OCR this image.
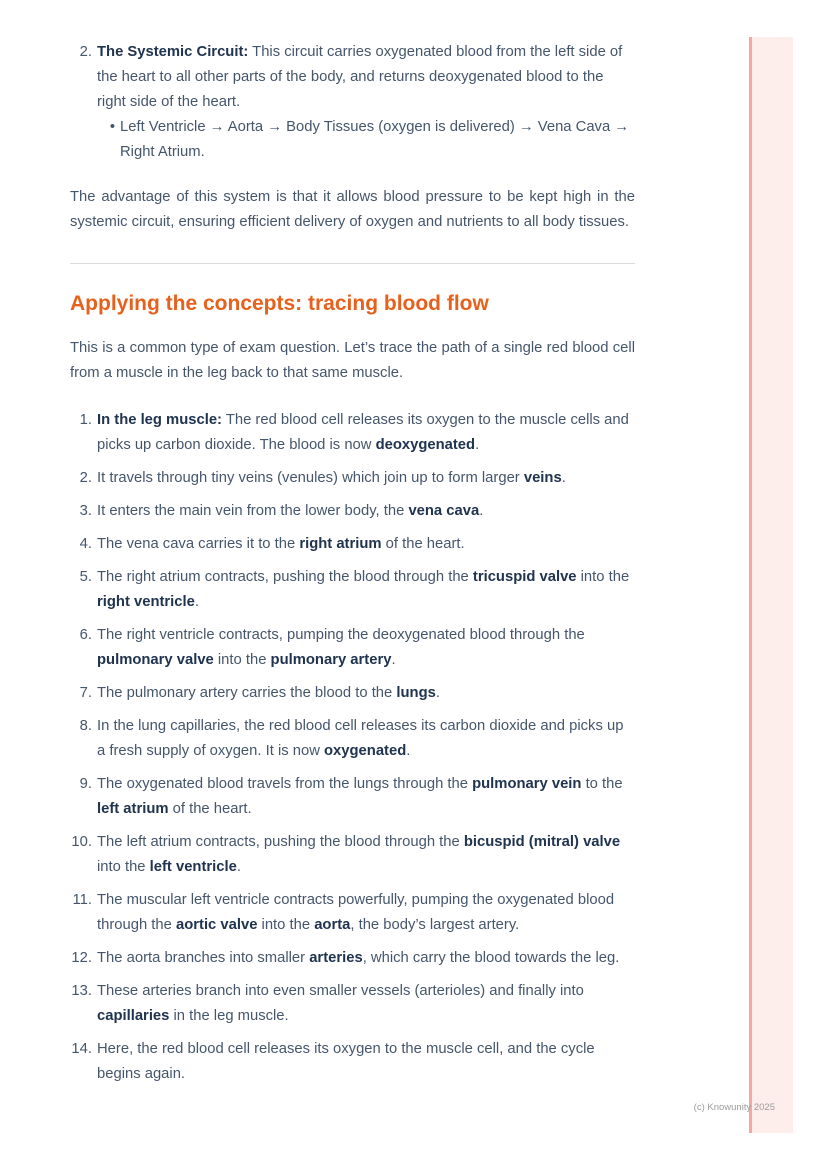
2. The Systemic Circuit: This circuit carries oxygenated blood from the left side of the heart to all other parts of the body, and returns deoxygenated blood to the right side of the heart.
• Left Ventricle → Aorta → Body Tissues (oxygen is delivered) → Vena Cava → Right Atrium.

The advantage of this system is that it allows blood pressure to be kept high in the systemic circuit, ensuring efficient delivery of oxygen and nutrients to all body tissues.

Applying the concepts: tracing blood flow

This is a common type of exam question. Let’s trace the path of a single red blood cell from a muscle in the leg back to that same muscle.

1. In the leg muscle: The red blood cell releases its oxygen to the muscle cells and picks up carbon dioxide. The blood is now deoxygenated.
2. It travels through tiny veins (venules) which join up to form larger veins.
3. It enters the main vein from the lower body, the vena cava.
4. The vena cava carries it to the right atrium of the heart.
5. The right atrium contracts, pushing the blood through the tricuspid valve into the right ventricle.
6. The right ventricle contracts, pumping the deoxygenated blood through the pulmonary valve into the pulmonary artery.
7. The pulmonary artery carries the blood to the lungs.
8. In the lung capillaries, the red blood cell releases its carbon dioxide and picks up a fresh supply of oxygen. It is now oxygenated.
9. The oxygenated blood travels from the lungs through the pulmonary vein to the left atrium of the heart.
10. The left atrium contracts, pushing the blood through the bicuspid (mitral) valve into the left ventricle.
11. The muscular left ventricle contracts powerfully, pumping the oxygenated blood through the aortic valve into the aorta, the body’s largest artery.
12. The aorta branches into smaller arteries, which carry the blood towards the leg.
13. These arteries branch into even smaller vessels (arterioles) and finally into capillaries in the leg muscle.
14. Here, the red blood cell releases its oxygen to the muscle cell, and the cycle begins again.
(c) Knowunity 2025
